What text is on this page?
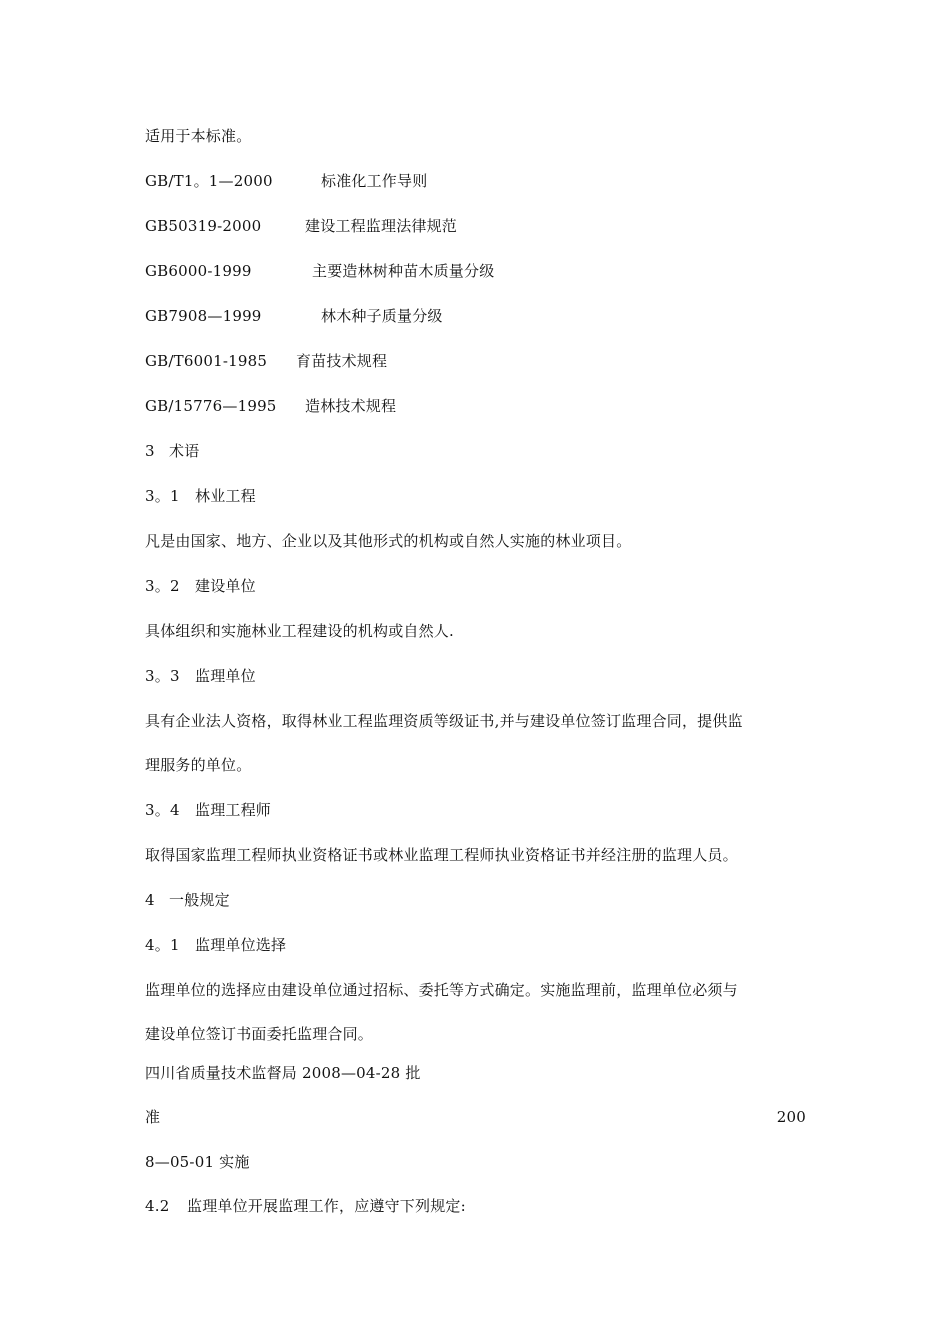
适用于本标准。
GB/T1。1—2000	标准化工作导则
GB50319-2000	建设工程监理法律规范
GB6000-1999	主要造林树种苗木质量分级
GB7908—1999	林木种子质量分级
GB/T6001-1985 育苗技术规程
GB/15776—1995 造林技术规程
3 术语
3。1 林业工程
凡是由国家、地方、企业以及其他形式的机构或自然人实施的林业项目。
3。2 建设单位
具体组织和实施林业工程建设的机构或自然人.
3。3 监理单位
具有企业法人资格，取得林业工程监理资质等级证书,并与建设单位签订监理合同，提供监
理服务的单位。
3。4 监理工程师
取得国家监理工程师执业资格证书或林业监理工程师执业资格证书并经注册的监理人员。
4 一般规定
4。1 监理单位选择
监理单位的选择应由建设单位通过招标、委托等方式确定。实施监理前，监理单位必须与
建设单位签订书面委托监理合同。
四川省质量技术监督局 2008—04-28 批
准	200
8—05-01 实施
4.2 监理单位开展监理工作，应遵守下列规定:
